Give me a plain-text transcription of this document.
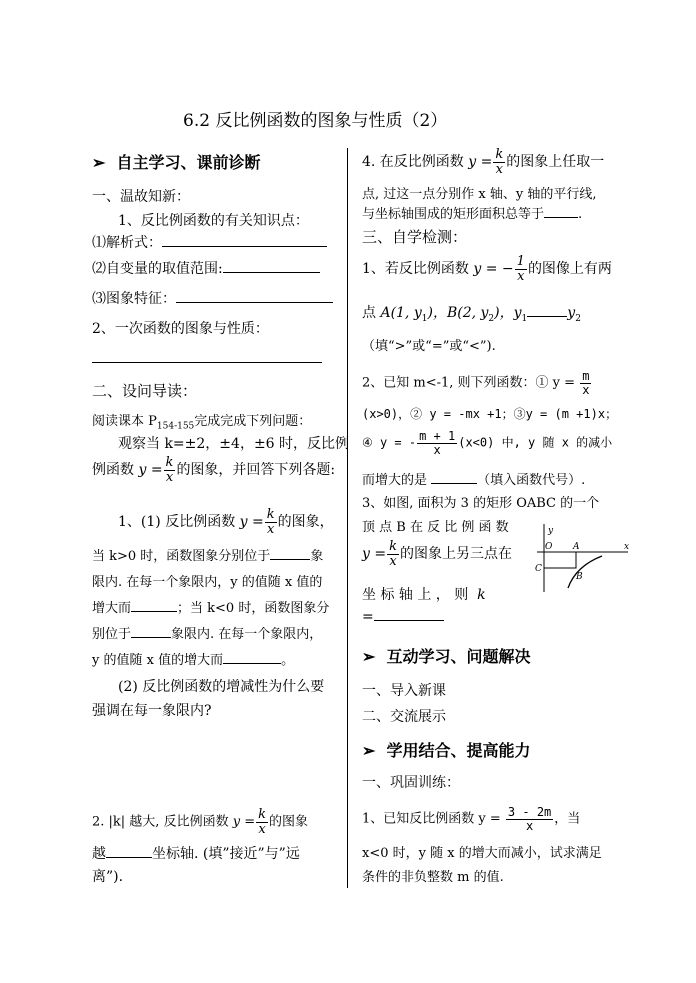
6.2 反比例函数的图象与性质（2）
➢ 自主学习、课前诊断
一、温故知新：
1、反比例函数的有关知识点：
⑴解析式：
⑵自变量的取值范围:
⑶图象特征：
2、一次函数的图象与性质：
二、设问导读：
阅读课本 $P_{154-155}$完成完成下列问题：
观察当 k=±2，±4，±6 时，反比例
例函数 $y = \frac{k}{x}$ 的图象，并回答下列各题:
1、(1) 反比例函数 $y = \frac{k}{x}$ 的图象，
当 k>0 时，函数图象分别位于	象
限内. 在每一个象限内，y 的值随 x 值的
增大而	；当 k<0 时，函数图象分
别位于	象限内. 在每一个象限内，
y 的值随 x 值的增大而	。
(2) 反比例函数的增减性为什么要
强调在每一象限内?
2. |k| 越大, 反比例函数 $y = \frac{k}{x}$ 的图象
越	坐标轴. (填”接近”与”远
离”).
4. 在反比例函数 $y = \frac{k}{x}$ 的图象上任取一
点, 过这一点分别作 x 轴、y 轴的平行线,
与坐标轴围成的矩形面积总等于	.
三、自学检测：
1、若反比例函数 y = − $\frac{1}{x}$ 的图像上有两
点 A(1, $y_1$)，B(2, $y_2$)，$y_1$	$y_2$
（填“>”或“=”或“<”).
2、已知 m<-1, 则下列函数：① $y = \frac{m}{x}$
(x>0)，② y = -mx +1；③y = (m +1)x；
④ y = - $\frac{m + 1}{x} (x<0)$ 中, y 随 x 的减小
而增大的是	（填入函数代号）.
3、如图, 面积为 3 的矩形 OABC 的一个
顶 点 B 在 反 比 例 函 数
$y = \frac{k}{x}$ 的图象上另三点在
坐 标 轴 上 ， 则 k
=
y
x
O A
C
B
➢ 互动学习、问题解决
一、导入新课
二、交流展示
➢ 学用结合、提高能力
一、巩固训练：
1、已知反比例函数 $y = \frac{3 - 2m}{x}$ ，当
x<0 时，y 随 x 的增大而减小，试求满足
条件的非负整数 m 的值.
